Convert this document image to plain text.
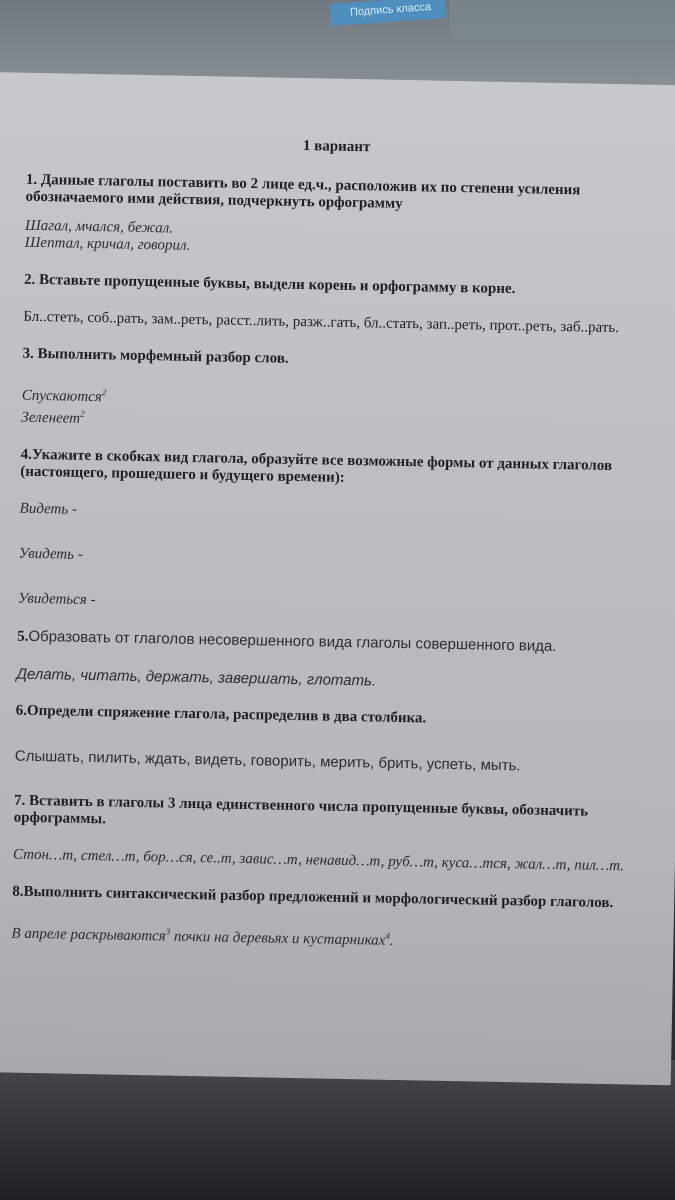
Подпись класса
1 вариант
1. Данные глаголы поставить во 2 лице ед.ч., расположив их по степени усиления обозначаемого ими действия, подчеркнуть орфограмму
Шагал, мчался, бежал.
Шептал, кричал, говорил.
2. Вставьте пропущенные буквы, выдели корень и орфограмму в корне.
Бл..стеть, соб..рать, зам..реть, расст..лить, разж..гать, бл..стать, зап..реть, прот..реть, заб..рать.
3. Выполнить морфемный разбор слов.
Спускаются$^2$
Зеленеет$^2$
4.Укажите в скобках вид глагола, образуйте все возможные формы от данных глаголов (настоящего, прошедшего и будущего времени):
Видеть -
Увидеть -
Увидеться -
5.Образовать от глаголов несовершенного вида глаголы совершенного вида.
Делать, читать, держать, завершать, глотать.
6.Определи спряжение глагола, распределив в два столбика.
Слышать, пилить, ждать, видеть, говорить, мерить, брить, успеть, мыть.
7. Вставить в глаголы 3 лица единственного числа пропущенные буквы, обозначить орфограммы.
Стон…т, стел…т, бор…ся, се..т, завис…т, ненавид…т, руб…т, куса…тся, жал…т, пил…т.
8.Выполнить синтаксический разбор предложений и морфологический разбор глаголов.
В апреле раскрываются$^3$ почки на деревьях и кустарниках$^4$.
